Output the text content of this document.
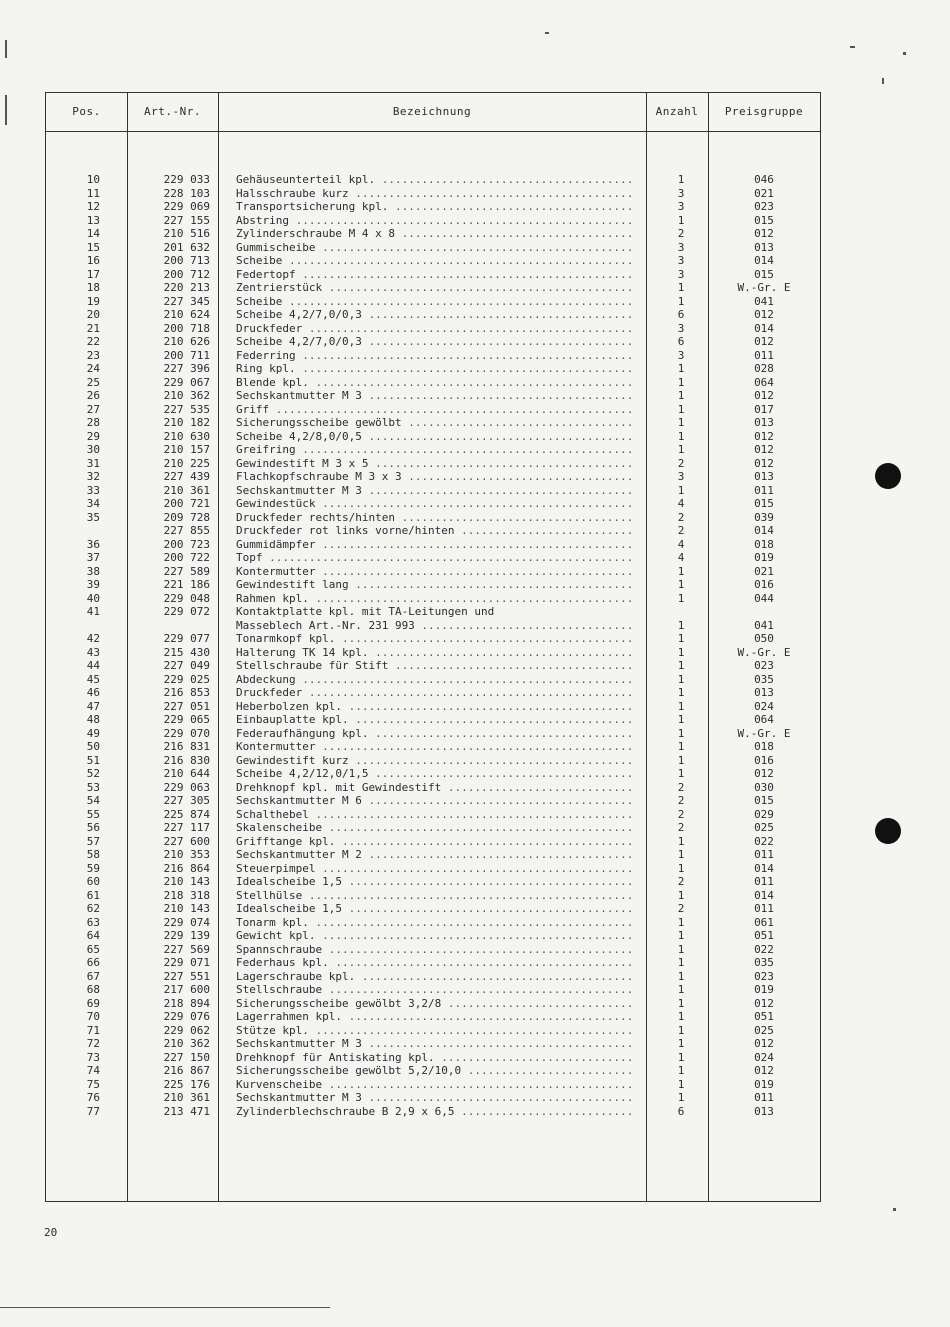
Pos.	Art.-Nr.	Bezeichnung	Anzahl	Preisgruppe
10	229 033 Gehäuseunterteil kpl. .....	1	046
11	228 103 Halsschraube kurz .....	3	021
12	229 069 Transportsicherung kpl. .....	3	023
13	227 155 Abstring .....	1	015
14	210 516 Zylinderschraube M 4 x 8 .....	2	012
15	201 632 Gummischeibe .....	3	013
16	200 713 Scheibe .....	3	014
17	200 712 Federtopf .....	3	015
18	220 213 Zentrierstück .....	1	W.-Gr. E
19	227 345 Scheibe .....	1	041
20	210 624 Scheibe 4,2/7,0/0,3 .....	6	012
21	200 718 Druckfeder .....	3	014
22	210 626 Scheibe 4,2/7,0/0,3 .....	6	012
23	200 711 Federring .....	3	011
24	227 396 Ring kpl. .....	1	028
25	229 067 Blende kpl. .....	1	064
26	210 362 Sechskantmutter M 3 .....	1	012
27	227 535 Griff .....	1	017
28	210 182 Sicherungsscheibe gewölbt .....	1	013
29	210 630 Scheibe 4,2/8,0/0,5 .....	1	012
30	210 157 Greifring .....	1	012
31	210 225 Gewindestift M 3 x 5 .....	2	012
32	227 439 Flachkopfschraube M 3 x 3 .....	3	013
33	210 361 Sechskantmutter M 3 .....	1	011
34	200 721 Gewindestück .....	4	015
35	209 728 Druckfeder rechts/hinten .....	2	039
227 855 Druckfeder rot links vorne/hinten .....	2	014
36	200 723 Gummidämpfer .....	4	018
37	200 722 Topf .....	4	019
38	227 589 Kontermutter .....	1	021
39	221 186 Gewindestift lang .....	1	016
40	229 048 Rahmen kpl. .....	1	044
41	229 072 Kontaktplatte kpl. mit TA-Leitungen und
Masseblech Art.-Nr. 231 993 .....	1	041
42	229 077 Tonarmkopf kpl. .....	1	050
43	215 430 Halterung TK 14 kpl. .....	1	W.-Gr. E
44	227 049 Stellschraube für Stift .....	1	023
45	229 025 Abdeckung .....	1	035
46	216 853 Druckfeder .....	1	013
47	227 051 Heberbolzen kpl. .....	1	024
48	229 065 Einbauplatte kpl. .....	1	064
49	229 070 Federaufhängung kpl. .....	1	W.-Gr. E
50	216 831 Kontermutter .....	1	018
51	216 830 Gewindestift kurz .....	1	016
52	210 644 Scheibe 4,2/12,0/1,5 .....	1	012
53	229 063 Drehknopf kpl. mit Gewindestift .....	2	030
54	227 305 Sechskantmutter M 6 .....	2	015
55	225 874 Schalthebel .....	2	029
56	227 117 Skalenscheibe .....	2	025
57	227 600 Grifftange kpl. .....	1	022
58	210 353 Sechskantmutter M 2 .....	1	011
59	216 864 Steuerpimpel .....	1	014
60	210 143 Idealscheibe 1,5 .....	2	011
61	218 318 Stellhülse .....	1	014
62	210 143 Idealscheibe 1,5 .....	2	011
63	229 074 Tonarm kpl. .....	1	061
64	229 139 Gewicht kpl. .....	1	051
65	227 569 Spannschraube .....	1	022
66	229 071 Federhaus kpl. .....	1	035
67	227 551 Lagerschraube kpl. .....	1	023
68	217 600 Stellschraube .....	1	019
69	218 894 Sicherungsscheibe gewölbt 3,2/8 .....	1	012
70	229 076 Lagerrahmen kpl. .....	1	051
71	229 062 Stütze kpl. .....	1	025
72	210 362 Sechskantmutter M 3 .....	1	012
73	227 150 Drehknopf für Antiskating kpl. .....	1	024
74	216 867 Sicherungsscheibe gewölbt 5,2/10,0 .....	1	012
75	225 176 Kurvenscheibe .....	1	019
76	210 361 Sechskantmutter M 3 .....	1	011
77	213 471 Zylinderblechschraube B 2,9 x 6,5 .....	6	013
20
